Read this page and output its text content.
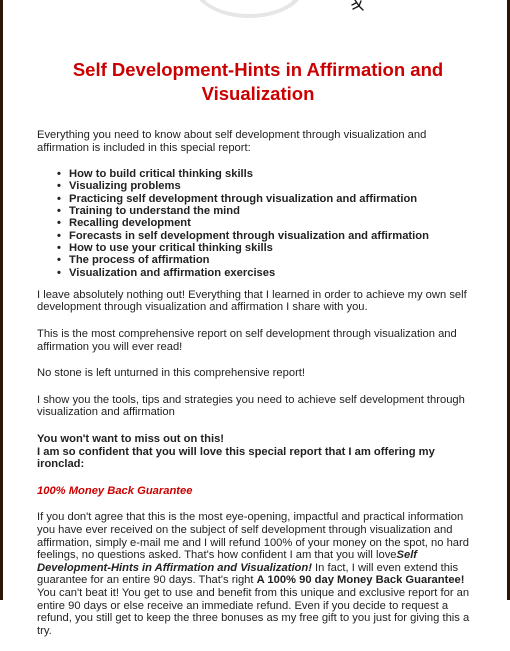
Self Development-Hints in Affirmation and Visualization

Everything you need to know about self development through visualization and affirmation is included in this special report:

• How to build critical thinking skills
• Visualizing problems
• Practicing self development through visualization and affirmation
• Training to understand the mind
• Recalling development
• Forecasts in self development through visualization and affirmation
• How to use your critical thinking skills
• The process of affirmation
• Visualization and affirmation exercises

I leave absolutely nothing out! Everything that I learned in order to achieve my own self development through visualization and affirmation I share with you.

This is the most comprehensive report on self development through visualization and affirmation you will ever read!

No stone is left unturned in this comprehensive report!

I show you the tools, tips and strategies you need to achieve self development through visualization and affirmation

You won't want to miss out on this!
I am so confident that you will love this special report that I am offering my ironclad:

100% Money Back Guarantee

If you don't agree that this is the most eye-opening, impactful and practical information you have ever received on the subject of self development through visualization and affirmation, simply e-mail me and I will refund 100% of your money on the spot, no hard feelings, no questions asked. That's how confident I am that you will loveSelf Development-Hints in Affirmation and Visualization! In fact, I will even extend this guarantee for an entire 90 days. That's right A 100% 90 day Money Back Guarantee! You can't beat it! You get to use and benefit from this unique and exclusive report for an entire 90 days or else receive an immediate refund. Even if you decide to request a refund, you still get to keep the three bonuses as my free gift to you just for giving this a try.
